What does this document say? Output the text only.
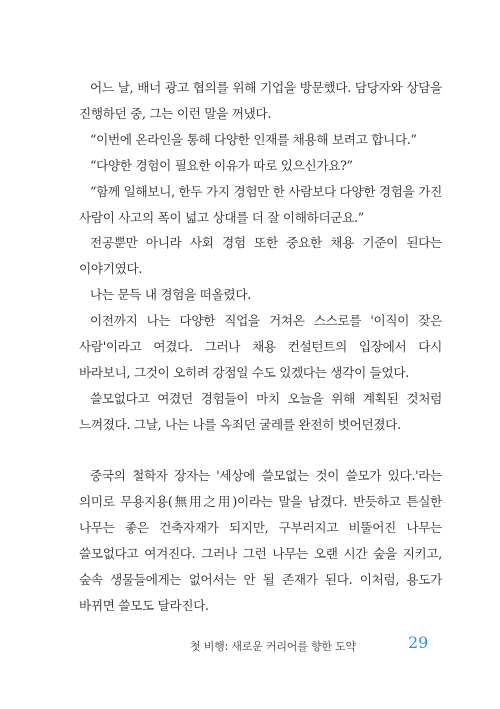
어느 날, 배너 광고 협의를 위해 기업을 방문했다. 담당자와 상담을 진행하던 중, 그는 이런 말을 꺼냈다.

“이번에 온라인을 통해 다양한 인재를 채용해 보려고 합니다.”

“다양한 경험이 필요한 이유가 따로 있으신가요?”

“함께 일해보니, 한두 가지 경험만 한 사람보다 다양한 경험을 가진 사람이 사고의 폭이 넓고 상대를 더 잘 이해하더군요.”

전공뿐만 아니라 사회 경험 또한 중요한 채용 기준이 된다는 이야기였다.

나는 문득 내 경험을 떠올렸다.

이전까지 나는 다양한 직업을 거쳐온 스스로를 '이직이 잦은 사람'이라고 여겼다. 그러나 채용 컨설턴트의 입장에서 다시 바라보니, 그것이 오히려 강점일 수도 있겠다는 생각이 들었다.

쓸모없다고 여겼던 경험들이 마치 오늘을 위해 계획된 것처럼 느껴졌다. 그날, 나는 나를 옥죄던 굴레를 완전히 벗어던졌다.

중국의 철학자 장자는 '세상에 쓸모없는 것이 쓸모가 있다.'라는 의미로 무용지용(無用之用)이라는 말을 남겼다. 반듯하고 튼실한 나무는 좋은 건축자재가 되지만, 구부러지고 비뚤어진 나무는 쓸모없다고 여겨진다. 그러나 그런 나무는 오랜 시간 숲을 지키고, 숲속 생물들에게는 없어서는 안 될 존재가 된다. 이처럼, 용도가 바뀌면 쓸모도 달라진다.

첫 비행: 새로운 커리어를 향한 도약	29
